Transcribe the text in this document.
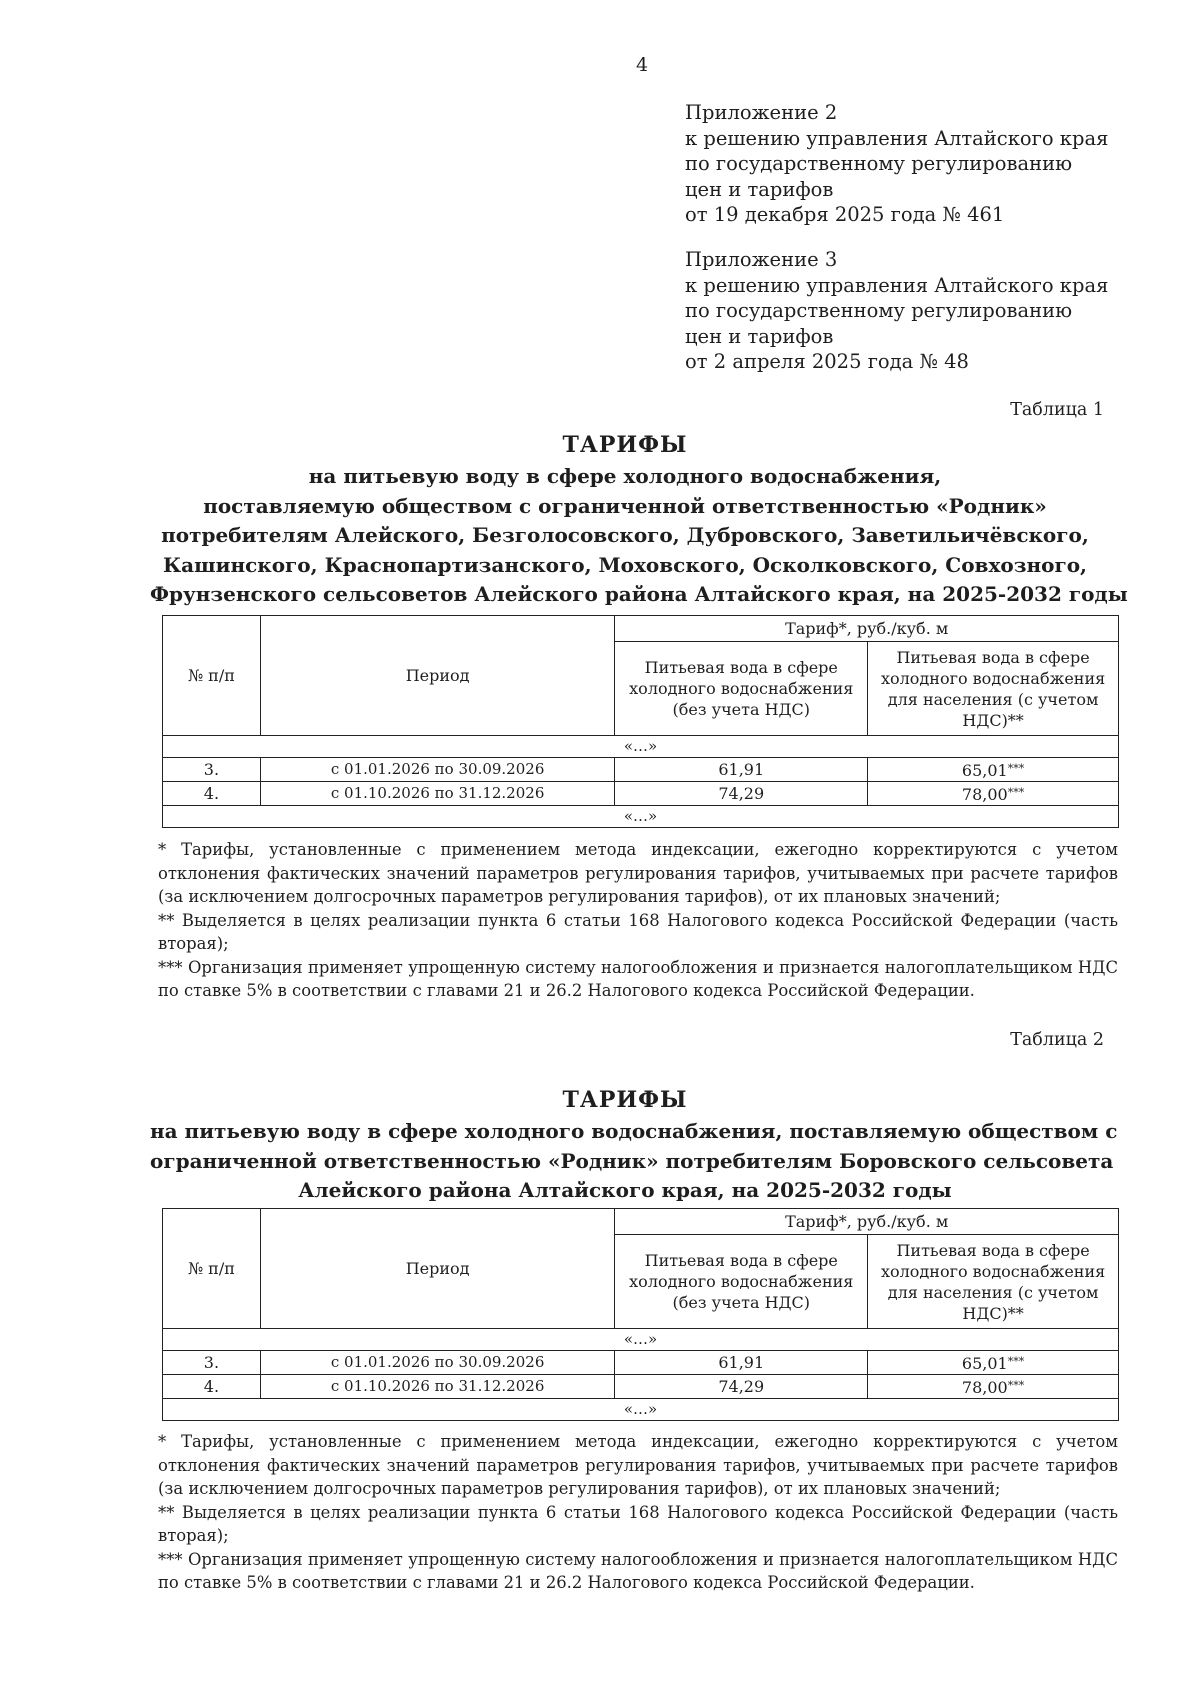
4
Приложение 2
к решению управления Алтайского края
по государственному регулированию
цен и тарифов
от 19 декабря 2025 года № 461
Приложение 3
к решению управления Алтайского края
по государственному регулированию
цен и тарифов
от 2 апреля 2025 года № 48
Таблица 1
ТАРИФЫ
на питьевую воду в сфере холодного водоснабжения,
поставляемую обществом с ограниченной ответственностью «Родник»
потребителям Алейского, Безголосовского, Дубровского, Заветильичёвского,
Кашинского, Краснопартизанского, Моховского, Осколковского, Совхозного,
Фрунзенского сельсоветов Алейского района Алтайского края, на 2025-2032 годы
№ п/п	Период	Тариф*, руб./куб. м	
		Питьевая вода в сфере холодного водоснабжения (без учета НДС)	Питьевая вода в сфере холодного водоснабжения для населения (с учетом НДС)**
«…»			
3.	с 01.01.2026 по 30.09.2026	61,91	65,01***
4.	с 01.10.2026 по 31.12.2026	74,29	78,00***
«…»			

* Тарифы, установленные с применением метода индексации, ежегодно корректируются с учетом отклонения фактических значений параметров регулирования тарифов, учитываемых при расчете тарифов (за исключением долгосрочных параметров регулирования тарифов), от их плановых значений;

** Выделяется в целях реализации пункта 6 статьи 168 Налогового кодекса Российской Федерации (часть вторая);

*** Организация применяет упрощенную систему налогообложения и признается налогоплательщиком НДС по ставке 5% в соответствии с главами 21 и 26.2 Налогового кодекса Российской Федерации.

Таблица 2
ТАРИФЫ
на питьевую воду в сфере холодного водоснабжения, поставляемую обществом с
ограниченной ответственностью «Родник» потребителям Боровского сельсовета
Алейского района Алтайского края, на 2025-2032 годы
№ п/п	Период	Тариф*, руб./куб. м	
		Питьевая вода в сфере холодного водоснабжения (без учета НДС)	Питьевая вода в сфере холодного водоснабжения для населения (с учетом НДС)**
«…»			
3.	с 01.01.2026 по 30.09.2026	61,91	65,01***
4.	с 01.10.2026 по 31.12.2026	74,29	78,00***
«…»			

* Тарифы, установленные с применением метода индексации, ежегодно корректируются с учетом отклонения фактических значений параметров регулирования тарифов, учитываемых при расчете тарифов (за исключением долгосрочных параметров регулирования тарифов), от их плановых значений;

** Выделяется в целях реализации пункта 6 статьи 168 Налогового кодекса Российской Федерации (часть вторая);

*** Организация применяет упрощенную систему налогообложения и признается налогоплательщиком НДС по ставке 5% в соответствии с главами 21 и 26.2 Налогового кодекса Российской Федерации.
